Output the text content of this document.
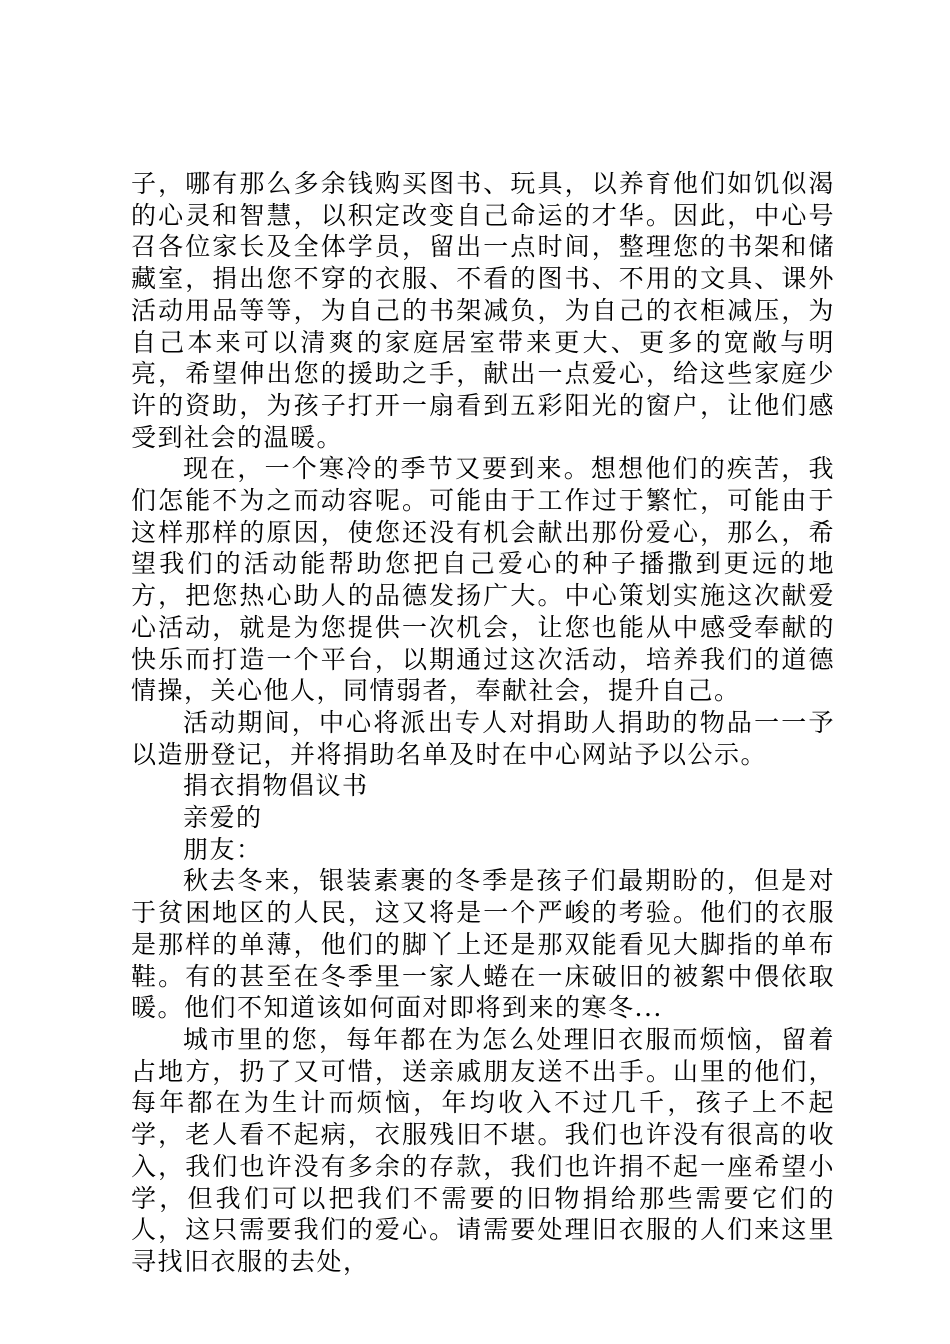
子，哪有那么多余钱购买图书、玩具，以养育他们如饥似渴的心灵和智慧，以积定改变自己命运的才华。因此，中心号召各位家长及全体学员，留出一点时间，整理您的书架和储藏室，捐出您不穿的衣服、不看的图书、不用的文具、课外活动用品等等，为自己的书架减负，为自己的衣柜减压，为自己本来可以清爽的家庭居室带来更大、更多的宽敞与明亮，希望伸出您的援助之手，献出一点爱心，给这些家庭少许的资助，为孩子打开一扇看到五彩阳光的窗户，让他们感受到社会的温暖。

现在，一个寒冷的季节又要到来。想想他们的疾苦，我们怎能不为之而动容呢。可能由于工作过于繁忙，可能由于这样那样的原因，使您还没有机会献出那份爱心，那么，希望我们的活动能帮助您把自己爱心的种子播撒到更远的地方，把您热心助人的品德发扬广大。中心策划实施这次献爱心活动，就是为您提供一次机会，让您也能从中感受奉献的快乐而打造一个平台，以期通过这次活动，培养我们的道德情操，关心他人，同情弱者，奉献社会，提升自己。

活动期间，中心将派出专人对捐助人捐助的物品一一予以造册登记，并将捐助名单及时在中心网站予以公示。

捐衣捐物倡议书

亲爱的

朋友：

秋去冬来，银装素裹的冬季是孩子们最期盼的，但是对于贫困地区的人民，这又将是一个严峻的考验。他们的衣服是那样的单薄，他们的脚丫上还是那双能看见大脚指的单布鞋。有的甚至在冬季里一家人蜷在一床破旧的被絮中偎依取暖。他们不知道该如何面对即将到来的寒冬...

城市里的您，每年都在为怎么处理旧衣服而烦恼，留着占地方，扔了又可惜，送亲戚朋友送不出手。山里的他们，每年都在为生计而烦恼，年均收入不过几千，孩子上不起学，老人看不起病，衣服残旧不堪。我们也许没有很高的收入，我们也许没有多余的存款，我们也许捐不起一座希望小学，但我们可以把我们不需要的旧物捐给那些需要它们的人，这只需要我们的爱心。请需要处理旧衣服的人们来这里寻找旧衣服的去处，
